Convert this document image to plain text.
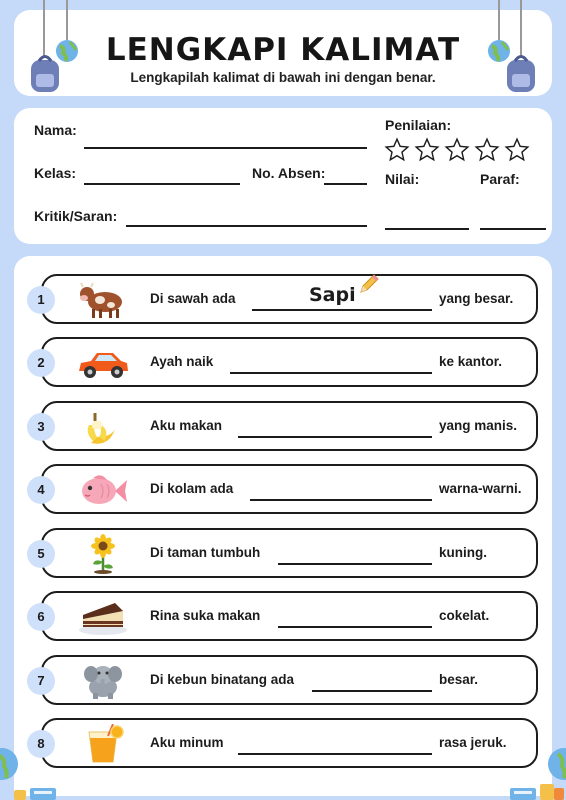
LENGKAPI KALIMAT
Lengkapilah kalimat di bawah ini dengan benar.
Nama:
Kelas:	No. Absen:
Kritik/Saran:
Penilaian:
Nilai:	Paraf:
Di sawah ada	Sapi	yang besar.
1
Ayah naik	ke kantor.
2
Aku makan	yang manis.
3
Di kolam ada	warna-warni.
4
Di taman tumbuh	kuning.
5
Rina suka makan	cokelat.
6
Di kebun binatang ada	besar.
7
Aku minum	rasa jeruk.
8
